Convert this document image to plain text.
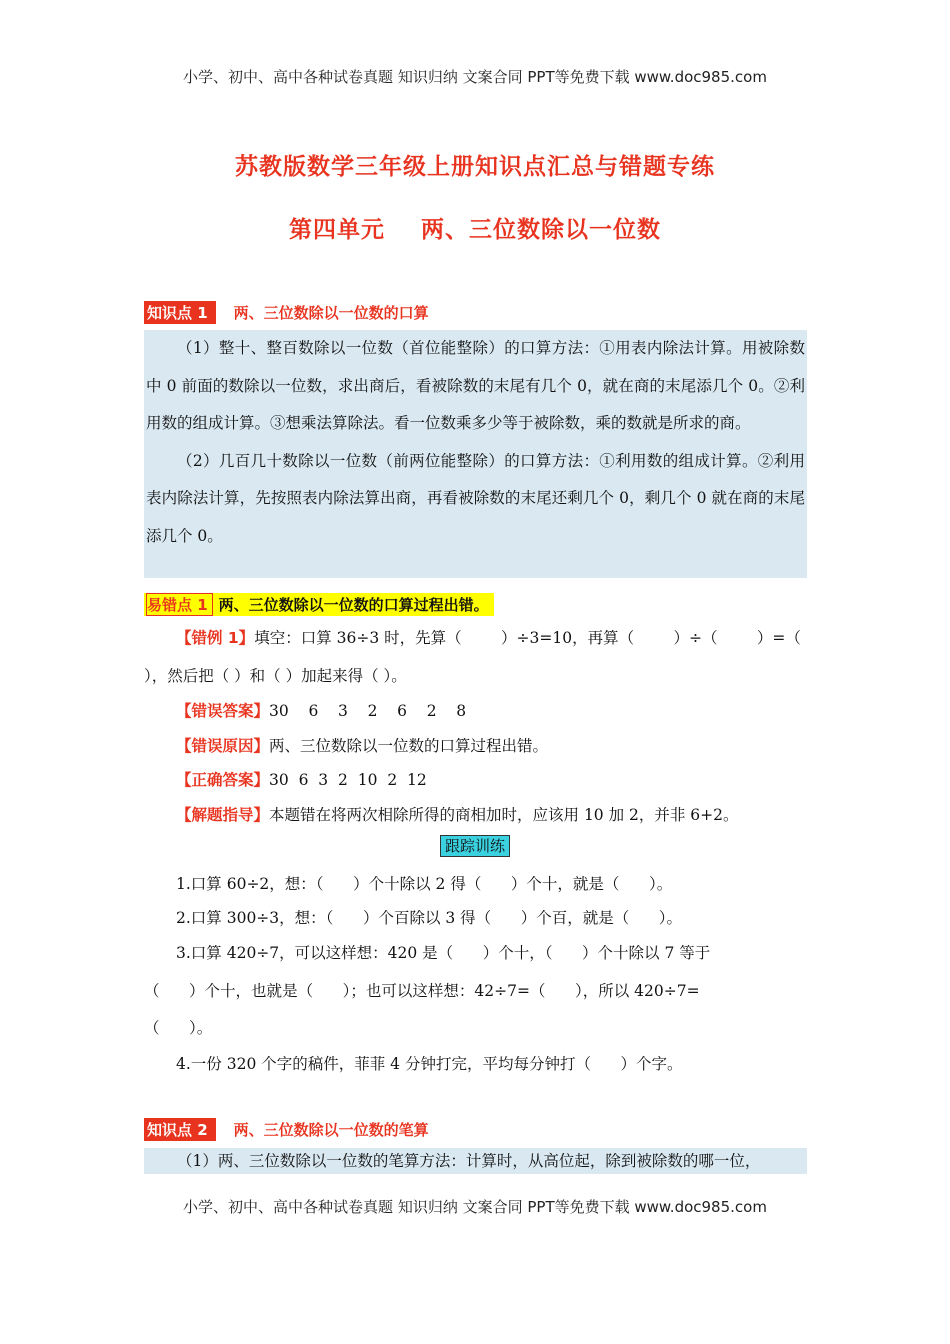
小学、初中、高中各种试卷真题 知识归纳 文案合同 PPT等免费下载 www.doc985.com
苏教版数学三年级上册知识点汇总与错题专练
第四单元    两、三位数除以一位数
知识点 1	两、三位数除以一位数的口算

（1）整十、整百数除以一位数（首位能整除）的口算方法：①用表内除法计算。用被除数中 0 前面的数除以一位数，求出商后，看被除数的末尾有几个 0，就在商的末尾添几个 0。②利用数的组成计算。③想乘法算除法。看一位数乘多少等于被除数，乘的数就是所求的商。

（2）几百几十数除以一位数（前两位能整除）的口算方法：①利用数的组成计算。②利用表内除法计算，先按照表内除法算出商，再看被除数的末尾还剩几个 0，剩几个 0 就在商的末尾添几个 0。

易错点 1 两、三位数除以一位数的口算过程出错。
【错例 1】填空：口算 36÷3 时，先算（        ）÷3=10，再算（        ）÷（        ）=（
），然后把（ ）和（ ）加起来得（ ）。
【错误答案】30    6    3    2    6    2    8
【错误原因】两、三位数除以一位数的口算过程出错。
【正确答案】30  6  3  2  10  2  12
【解题指导】本题错在将两次相除所得的商相加时，应该用 10 加 2，并非 6+2。
跟踪训练
1.口算 60÷2，想：（      ）个十除以 2 得（      ）个十，就是（      ）。
2.口算 300÷3，想：（      ）个百除以 3 得（      ）个百，就是（      ）。
3.口算 420÷7，可以这样想：420 是（      ）个十，（      ）个十除以 7 等于
（      ）个十，也就是（      ）；也可以这样想：42÷7=（      ），所以 420÷7=
（      ）。
4.一份 320 个字的稿件，菲菲 4 分钟打完，平均每分钟打（      ）个字。
知识点 2	两、三位数除以一位数的笔算

（1）两、三位数除以一位数的笔算方法：计算时，从高位起，除到被除数的哪一位，

小学、初中、高中各种试卷真题 知识归纳 文案合同 PPT等免费下载 www.doc985.com
